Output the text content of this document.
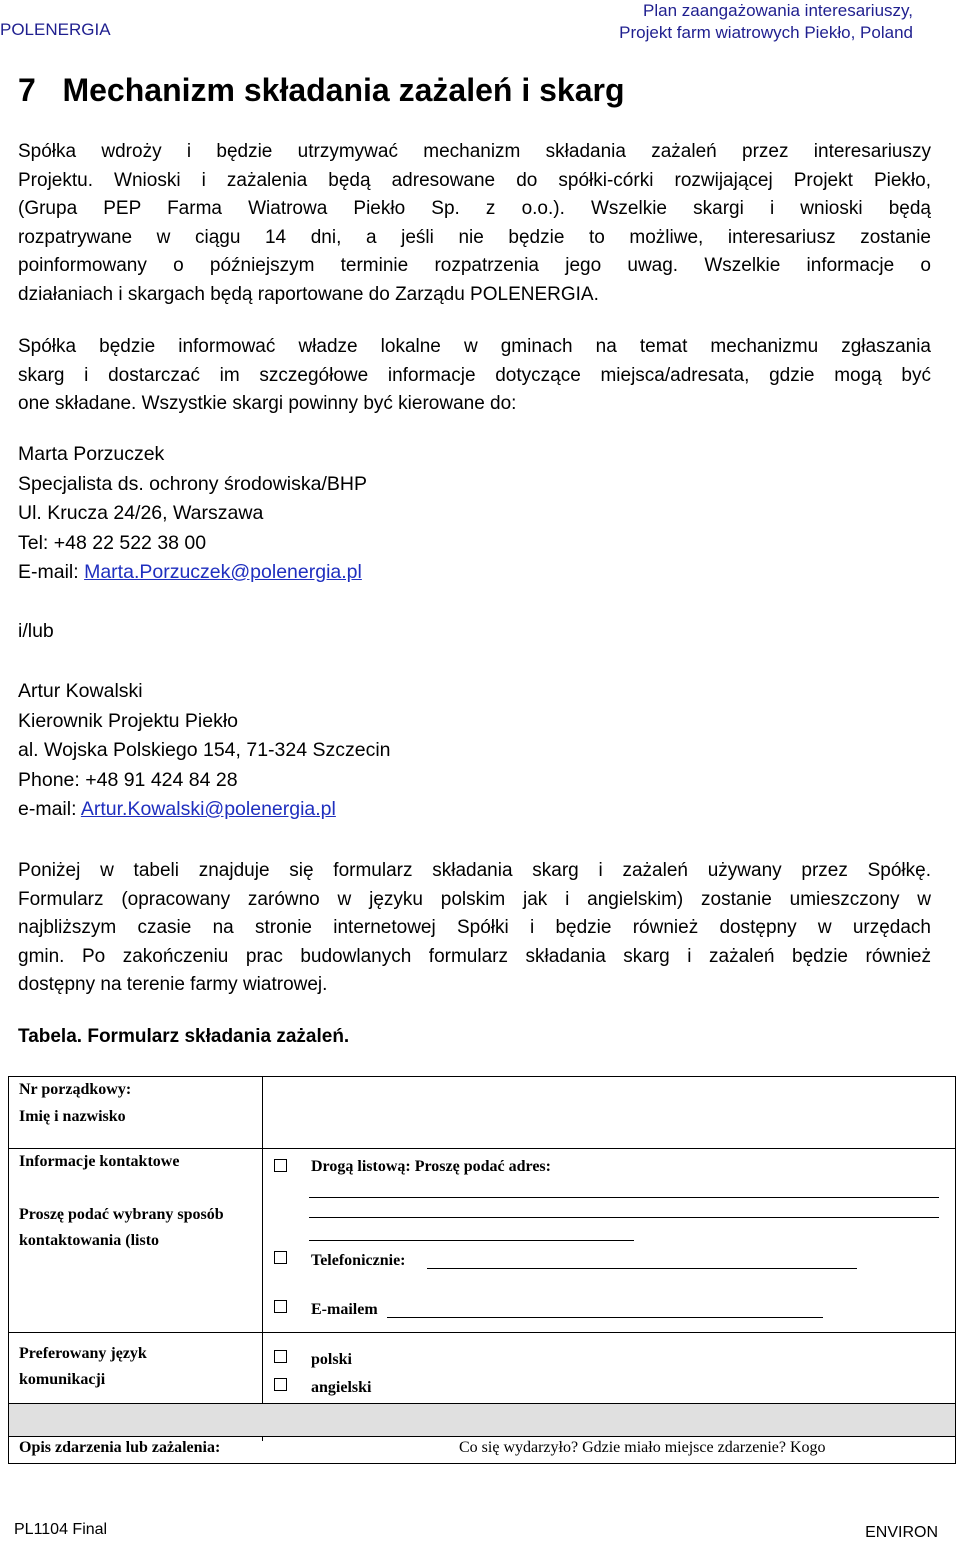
POLENERGIA
Plan zaangażowania interesariuszy,
Projekt farm wiatrowych Piekło, Poland
7   Mechanizm składania zażaleń i skarg
Spółka wdroży i będzie utrzymywać mechanizm składania zażaleń przez interesariuszy
Projektu. Wnioski i zażalenia będą adresowane do spółki-córki rozwijającej Projekt Piekło,
(Grupa PEP Farma Wiatrowa Piekło Sp. z o.o.). Wszelkie skargi i wnioski będą
rozpatrywane w ciągu 14 dni, a jeśli nie będzie to możliwe, interesariusz zostanie
poinformowany o późniejszym terminie rozpatrzenia jego uwag. Wszelkie informacje o
działaniach i skargach będą raportowane do Zarządu POLENERGIA.
Spółka będzie informować władze lokalne w gminach na temat mechanizmu zgłaszania
skarg i dostarczać im szczegółowe informacje dotyczące miejsca/adresata, gdzie mogą być
one składane. Wszystkie skargi powinny być kierowane do:
Marta Porzuczek
Specjalista ds. ochrony środowiska/BHP
Ul. Krucza 24/26, Warszawa
Tel: +48 22 522 38 00
E-mail: Marta.Porzuczek@polenergia.pl
i/lub
Artur Kowalski
Kierownik Projektu Piekło
al. Wojska Polskiego 154, 71-324 Szczecin
Phone: +48 91 424 84 28
e-mail: Artur.Kowalski@polenergia.pl
Poniżej w tabeli znajduje się formularz składania skarg i zażaleń używany przez Spółkę.
Formularz (opracowany zarówno w języku polskim jak i angielskim) zostanie umieszczony w
najbliższym czasie na stronie internetowej Spółki i będzie również dostępny w urzędach
gmin. Po zakończeniu prac budowlanych formularz składania skarg i zażaleń będzie również
dostępny na terenie farmy wiatrowej.
Tabela. Formularz składania zażaleń.
Nr porządkowy:
Imię i nazwisko
Informacje kontaktowe
Proszę podać wybrany sposób
kontaktowania (listo
Drogą listową: Proszę podać adres:
Telefonicznie:
E-mailem
Preferowany język
komunikacji
polski
angielski
Opis zdarzenia lub zażalenia:	Co się wydarzyło? Gdzie miało miejsce zdarzenie? Kogo
PL1104 Final	ENVIRON
